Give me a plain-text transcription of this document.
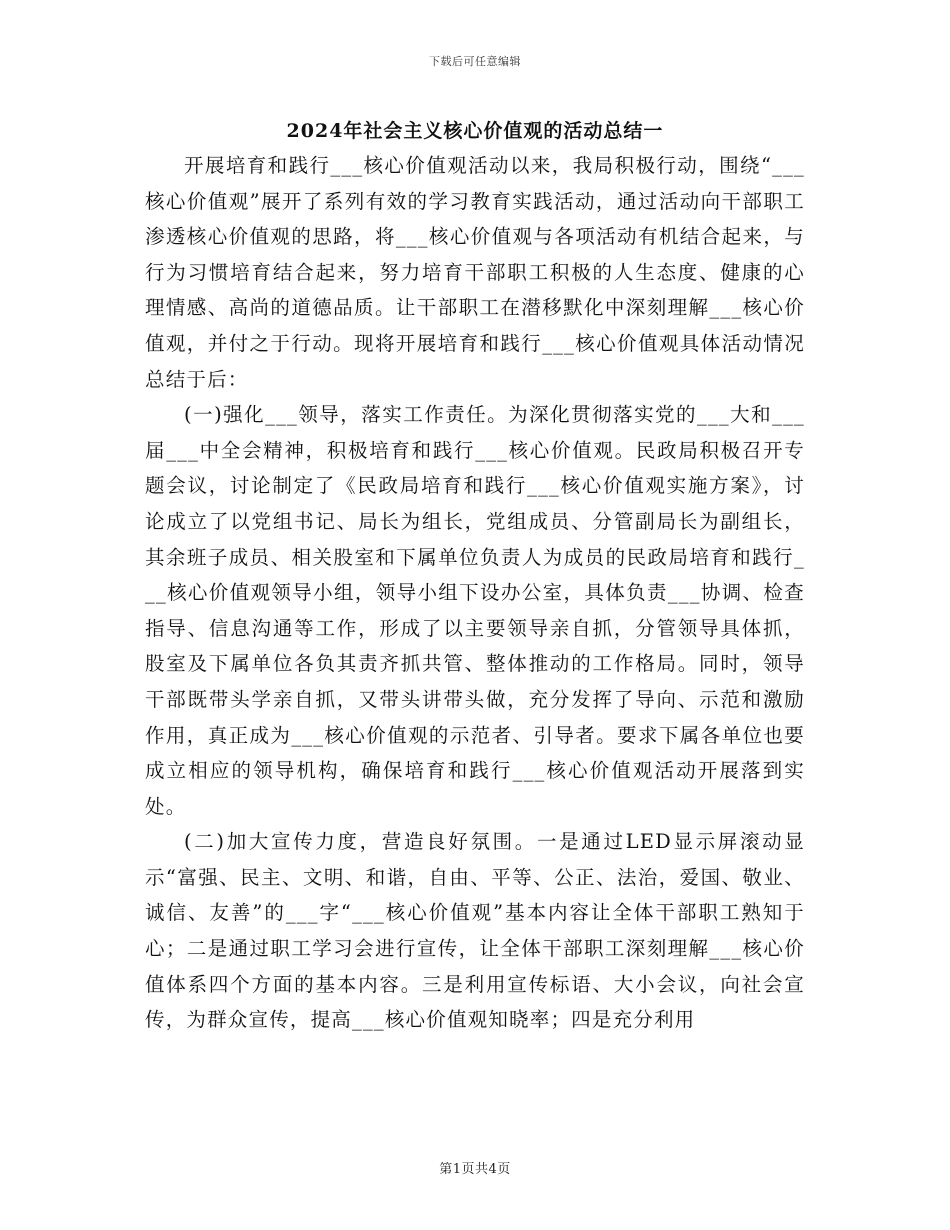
下载后可任意编辑
2024年社会主义核心价值观的活动总结一

开展培育和践行___核心价值观活动以来，我局积极行动，围绕“___核心价值观”展开了系列有效的学习教育实践活动，通过活动向干部职工渗透核心价值观的思路，将___核心价值观与各项活动有机结合起来，与行为习惯培育结合起来，努力培育干部职工积极的人生态度、健康的心理情感、高尚的道德品质。让干部职工在潜移默化中深刻理解___核心价值观，并付之于行动。现将开展培育和践行___核心价值观具体活动情况总结于后：

(一)强化___领导，落实工作责任。为深化贯彻落实党的___大和___届___中全会精神，积极培育和践行___核心价值观。民政局积极召开专题会议，讨论制定了《民政局培育和践行___核心价值观实施方案》，讨论成立了以党组书记、局长为组长，党组成员、分管副局长为副组长，其余班子成员、相关股室和下属单位负责人为成员的民政局培育和践行___核心价值观领导小组，领导小组下设办公室，具体负责___协调、检查指导、信息沟通等工作，形成了以主要领导亲自抓，分管领导具体抓，股室及下属单位各负其责齐抓共管、整体推动的工作格局。同时，领导干部既带头学亲自抓，又带头讲带头做，充分发挥了导向、示范和激励作用，真正成为___核心价值观的示范者、引导者。要求下属各单位也要成立相应的领导机构，确保培育和践行___核心价值观活动开展落到实处。

(二)加大宣传力度，营造良好氛围。一是通过LED显示屏滚动显示“富强、民主、文明、和谐，自由、平等、公正、法治，爱国、敬业、诚信、友善”的___字“___核心价值观”基本内容让全体干部职工熟知于心；二是通过职工学习会进行宣传，让全体干部职工深刻理解___核心价值体系四个方面的基本内容。三是利用宣传标语、大小会议，向社会宣传，为群众宣传，提高___核心价值观知晓率；四是充分利用

第1页共4页
